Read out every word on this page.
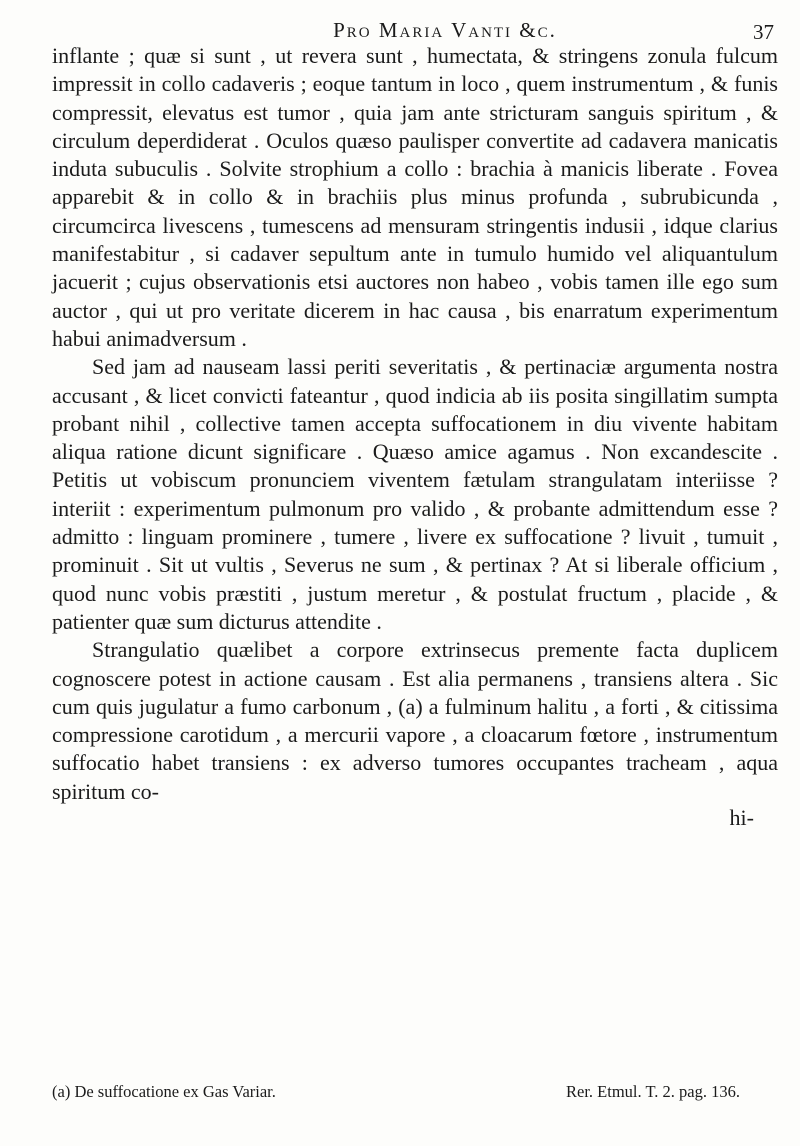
Pro Maria Vanti &c.	37

inflante ; quæ si sunt , ut revera sunt , humectata, & stringens zonula fulcum impressit in collo cadaveris ; eoque tantum in loco , quem instrumentum , & funis compressit, elevatus est tumor , quia jam ante stricturam sanguis spiritum , & circulum deperdiderat . Oculos quæso paulisper convertite ad cadavera manicatis induta subuculis . Solvite strophium a collo : brachia à manicis liberate . Fovea apparebit & in collo & in brachiis plus minus profunda , subrubicunda , circumcirca livescens , tumescens ad mensuram stringentis indusii , idque clarius manifestabitur , si cadaver sepultum ante in tumulo humido vel aliquantulum jacuerit ; cujus observationis etsi auctores non habeo , vobis tamen ille ego sum auctor , qui ut pro veritate dicerem in hac causa , bis enarratum experimentum habui animadversum .

Sed jam ad nauseam lassi periti severitatis , & pertinaciæ argumenta nostra accusant , & licet convicti fateantur , quod indicia ab iis posita singillatim sumpta probant nihil , collective tamen accepta suffocationem in diu vivente habitam aliqua ratione dicunt significare . Quæso amice agamus . Non excandescite . Petitis ut vobiscum pronunciem viventem fætulam strangulatam interiisse ? interiit : experimentum pulmonum pro valido , & probante admittendum esse ? admitto : linguam prominere , tumere , livere ex suffocatione ? livuit , tumuit , prominuit . Sit ut vultis , Severus ne sum , & pertinax ? At si liberale officium , quod nunc vobis præstiti , justum meretur , & postulat fructum , placide , & patienter quæ sum dicturus attendite .

Strangulatio quælibet a corpore extrinsecus premente facta duplicem cognoscere potest in actione causam . Est alia permanens , transiens altera . Sic cum quis jugulatur a fumo carbonum , (a) a fulminum halitu , a forti , & citissima compressione carotidum , a mercurii vapore , a cloacarum fœtore , instrumentum suffocatio habet transiens : ex adverso tumores occupantes tracheam , aqua spiritum co-

hi-
(a) De suffocatione ex Gas Variar.	Rer. Etmul. T. 2. pag. 136.
